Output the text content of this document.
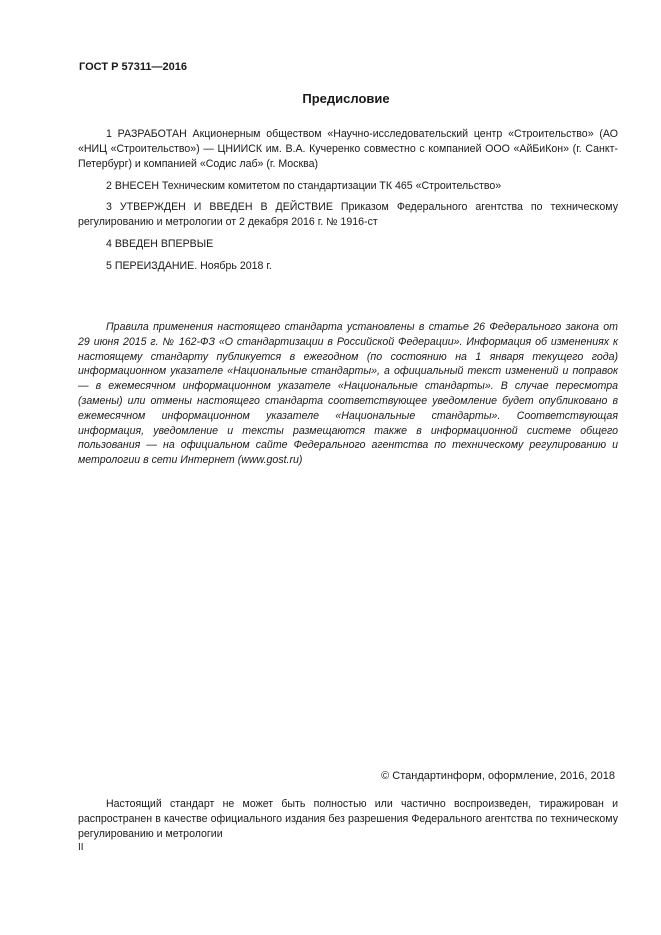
ГОСТ Р 57311—2016
Предисловие

1 РАЗРАБОТАН Акционерным обществом «Научно-исследовательский центр «Строительство» (АО «НИЦ «Строительство») — ЦНИИСК им. В.А. Кучеренко совместно с компанией ООО «АйБиКон» (г. Санкт-Петербург) и компанией «Содис лаб» (г. Москва)

2 ВНЕСЕН Техническим комитетом по стандартизации ТК 465 «Строительство»

3 УТВЕРЖДЕН И ВВЕДЕН В ДЕЙСТВИЕ Приказом Федерального агентства по техническому регулированию и метрологии от 2 декабря 2016 г. № 1916-ст

4 ВВЕДЕН ВПЕРВЫЕ

5 ПЕРЕИЗДАНИЕ. Ноябрь 2018 г.

Правила применения настоящего стандарта установлены в статье 26 Федерального закона от 29 июня 2015 г. № 162-ФЗ «О стандартизации в Российской Федерации». Информация об изменениях к настоящему стандарту публикуется в ежегодном (по состоянию на 1 января текущего года) информационном указателе «Национальные стандарты», а официальный текст изменений и поправок — в ежемесячном информационном указателе «Национальные стандарты». В случае пересмотра (замены) или отмены настоящего стандарта соответствующее уведомление будет опубликовано в ежемесячном информационном указателе «Национальные стандарты». Соответствующая информация, уведомление и тексты размещаются также в информационной системе общего пользования — на официальном сайте Федерального агентства по техническому регулированию и метрологии в сети Интернет (www.gost.ru)

© Стандартинформ, оформление, 2016, 2018

Настоящий стандарт не может быть полностью или частично воспроизведен, тиражирован и распространен в качестве официального издания без разрешения Федерального агентства по техническому регулированию и метрологии

II
